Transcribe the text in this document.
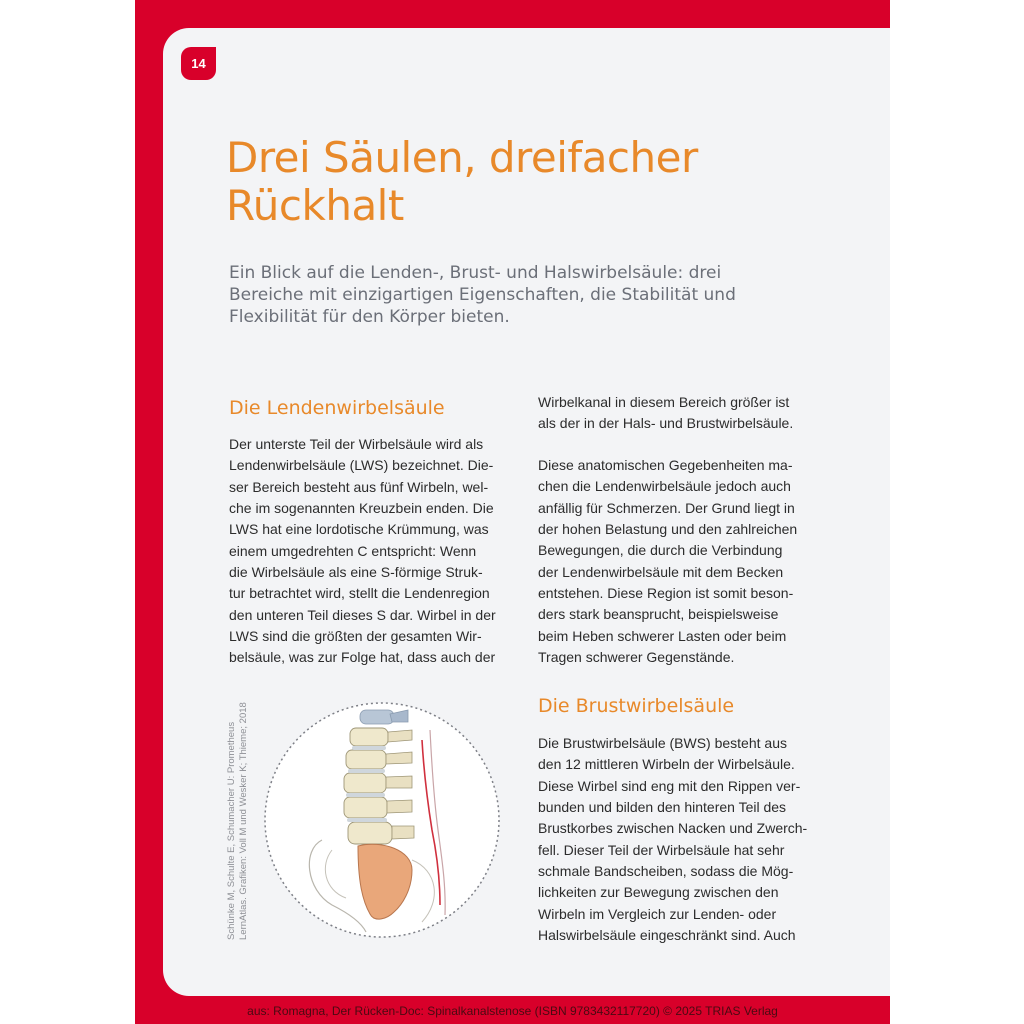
14
Drei Säulen, dreifacher Rückhalt

Ein Blick auf die Lenden-, Brust- und Halswirbelsäule: drei Bereiche mit einzigartigen Eigenschaften, die Stabilität und Flexibilität für den Körper bieten.

Die Lendenwirbelsäule

Der unterste Teil der Wirbelsäule wird als
Lendenwirbelsäule (LWS) bezeichnet. Die-
ser Bereich besteht aus fünf Wirbeln, wel-
che im sogenannten Kreuzbein enden. Die
LWS hat eine lordotische Krümmung, was
einem umgedrehten C entspricht: Wenn
die Wirbelsäule als eine S-förmige Struk-
tur betrachtet wird, stellt die Lendenregion
den unteren Teil dieses S dar. Wirbel in der
LWS sind die größten der gesamten Wir-
belsäule, was zur Folge hat, dass auch der

Wirbelkanal in diesem Bereich größer ist
als der in der Hals- und Brustwirbelsäule.

Diese anatomischen Gegebenheiten ma-
chen die Lendenwirbelsäule jedoch auch
anfällig für Schmerzen. Der Grund liegt in
der hohen Belastung und den zahlreichen
Bewegungen, die durch die Verbindung
der Lendenwirbelsäule mit dem Becken
entstehen. Diese Region ist somit beson-
ders stark beansprucht, beispielsweise
beim Heben schwerer Lasten oder beim
Tragen schwerer Gegenstände.

Die Brustwirbelsäule

Die Brustwirbelsäule (BWS) besteht aus
den 12 mittleren Wirbeln der Wirbelsäule.
Diese Wirbel sind eng mit den Rippen ver-
bunden und bilden den hinteren Teil des
Brustkorbes zwischen Nacken und Zwerch-
fell. Dieser Teil der Wirbelsäule hat sehr
schmale Bandscheiben, sodass die Mög-
lichkeiten zur Bewegung zwischen den
Wirbeln im Vergleich zur Lenden- oder
Halswirbelsäule eingeschränkt sind. Auch

Schünke M, Schulte E, Schumacher U: Prometheus LernAtlas. Grafiken: Voll M und Wesker K; Thieme; 2018
aus: Romagna, Der Rücken-Doc: Spinalkanalstenose (ISBN 9783432117720) © 2025 TRIAS Verlag
